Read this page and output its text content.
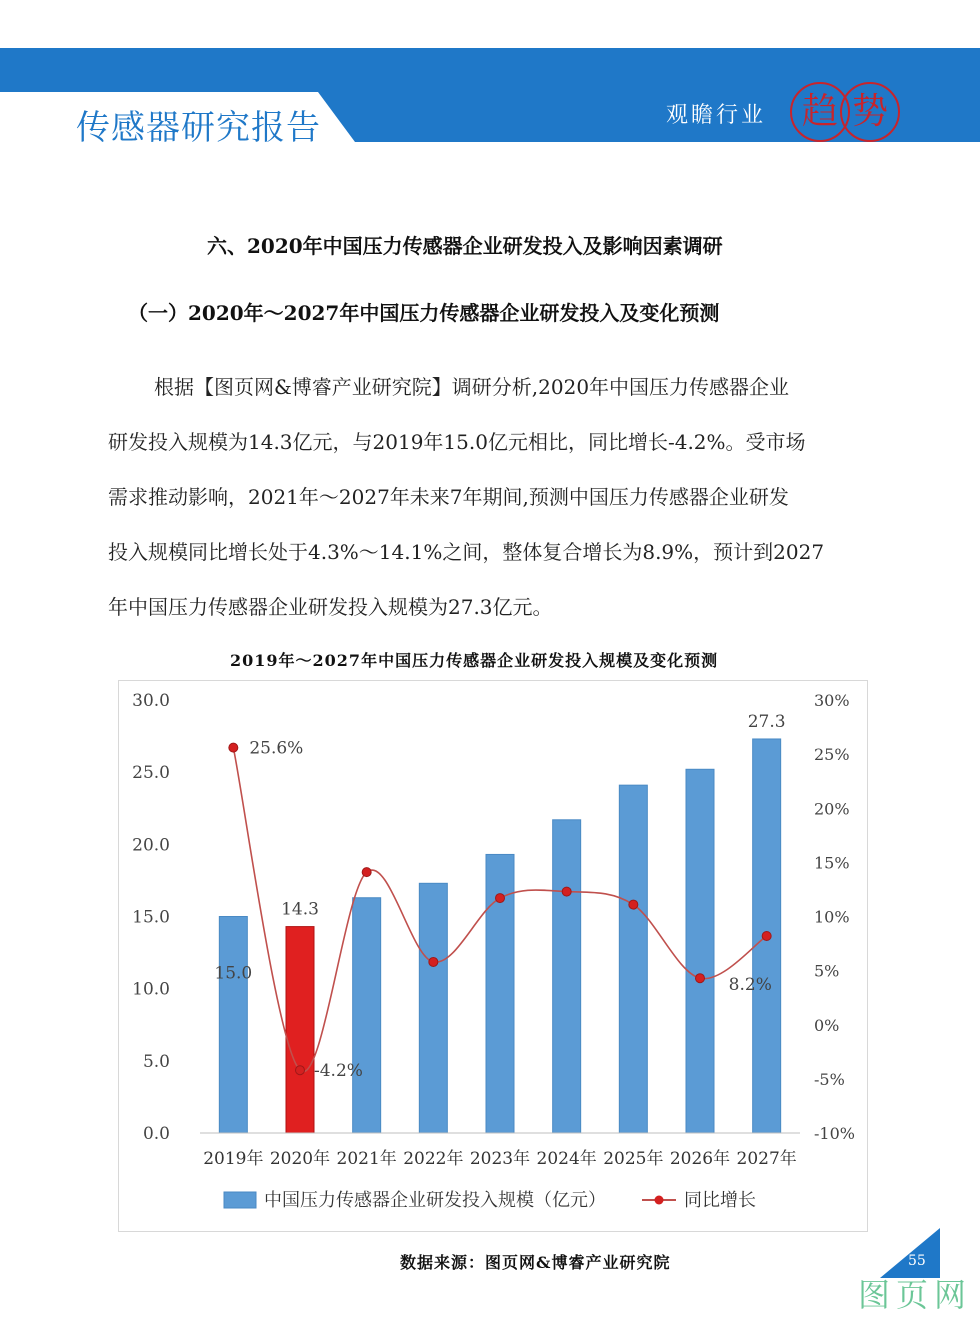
传感器研究报告	观瞻行业 趋 势
六、2020年中国压力传感器企业研发投入及影响因素调研
（一）2020年～2027年中国压力传感器企业研发投入及变化预测

根据【图页网&博睿产业研究院】调研分析,2020年中国压力传感器企业

研发投入规模为14.3亿元，与2019年15.0亿元相比，同比增长-4.2%。受市场

需求推动影响，2021年～2027年未来7年期间,预测中国压力传感器企业研发

投入规模同比增长处于4.3%～14.1%之间，整体复合增长为8.9%，预计到2027

年中国压力传感器企业研发投入规模为27.3亿元。

2019年～2027年中国压力传感器企业研发投入规模及变化预测
0.0
5.0
10.0
15.0
20.0
25.0
30.0
-10%
-5%
0%
5%
10%
15%
20%
25%
30%
2019年 2020年 2021年 2022年 2023年 2024年 2025年 2026年 2027年
15.0
14.3
27.3
25.6%
-4.2%
8.2%
中国压力传感器企业研发投入规模（亿元）	同比增长
数据来源：图页网&博睿产业研究院	55
图页网
